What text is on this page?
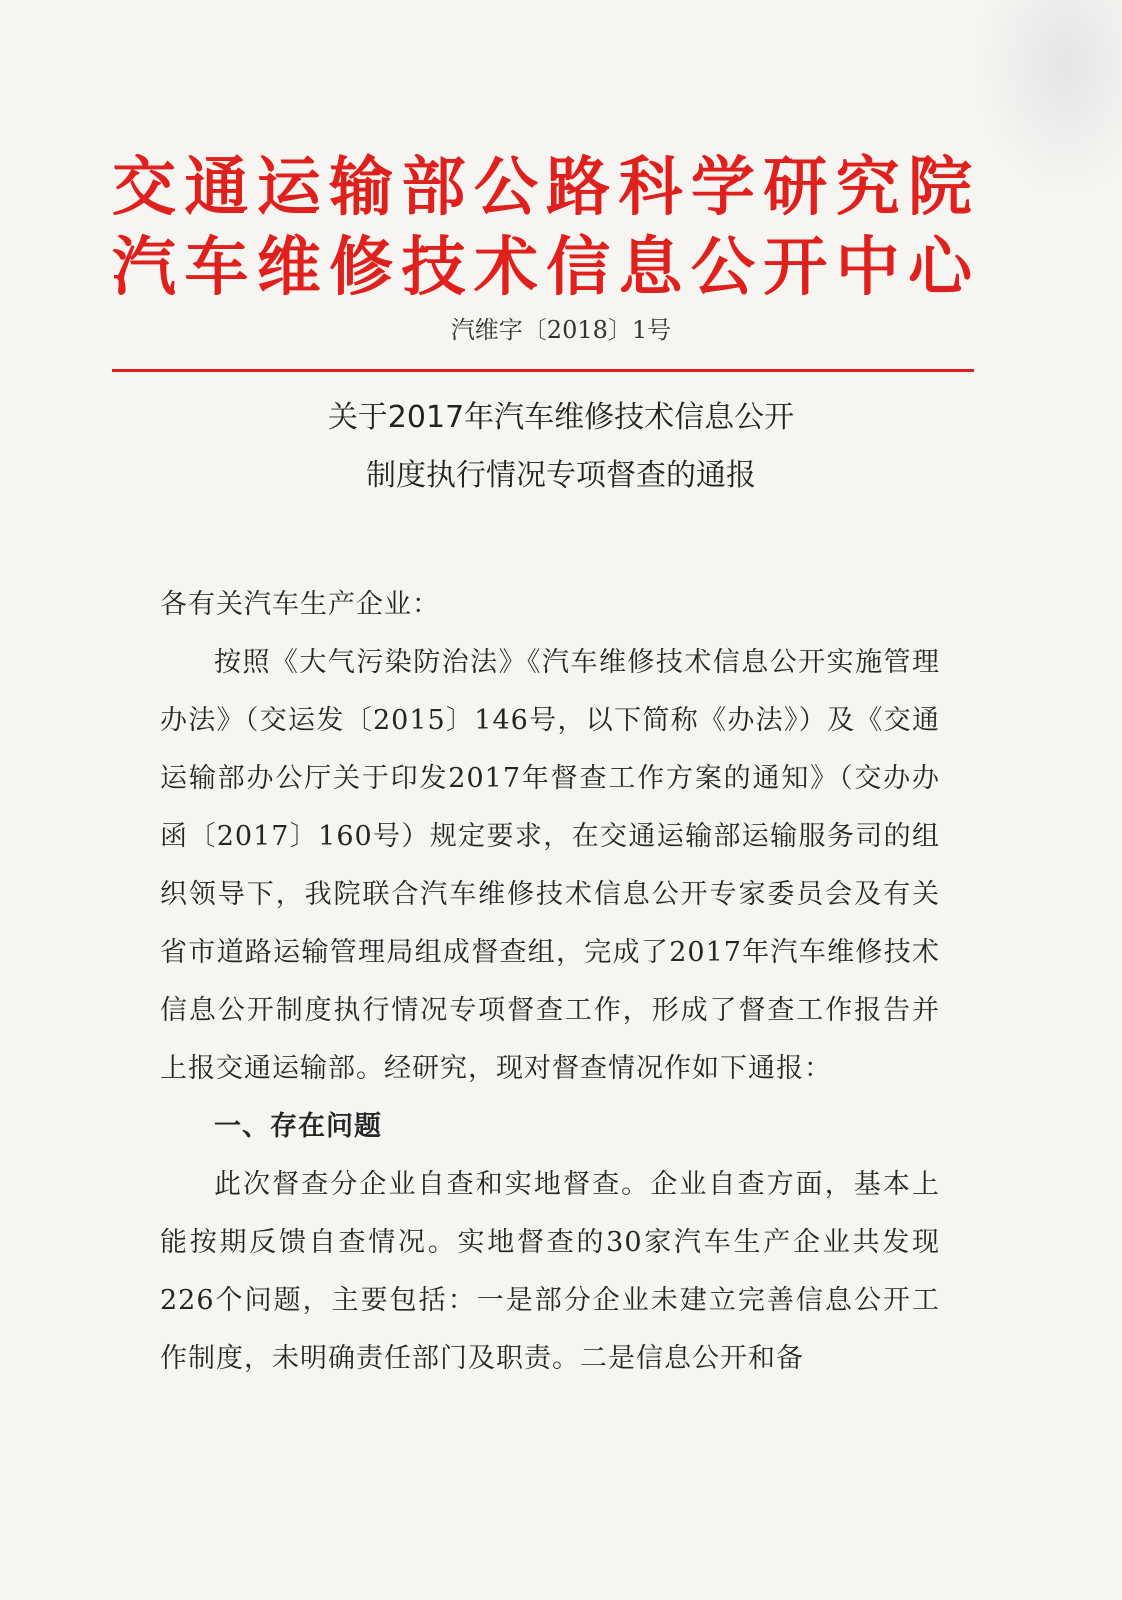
交通运输部公路科学研究院
汽车维修技术信息公开中心
汽维字〔2018〕1号
关于2017年汽车维修技术信息公开
制度执行情况专项督查的通报

各有关汽车生产企业：

按照《大气污染防治法》《汽车维修技术信息公开实施管理办法》（交运发〔2015〕146号，以下简称《办法》）及《交通运输部办公厅关于印发2017年督查工作方案的通知》（交办办函〔2017〕160号）规定要求，在交通运输部运输服务司的组织领导下，我院联合汽车维修技术信息公开专家委员会及有关省市道路运输管理局组成督查组，完成了2017年汽车维修技术信息公开制度执行情况专项督查工作，形成了督查工作报告并上报交通运输部。经研究，现对督查情况作如下通报：

一、存在问题

此次督查分企业自查和实地督查。企业自查方面，基本上能按期反馈自查情况。实地督查的30家汽车生产企业共发现226个问题，主要包括：一是部分企业未建立完善信息公开工作制度，未明确责任部门及职责。二是信息公开和备
